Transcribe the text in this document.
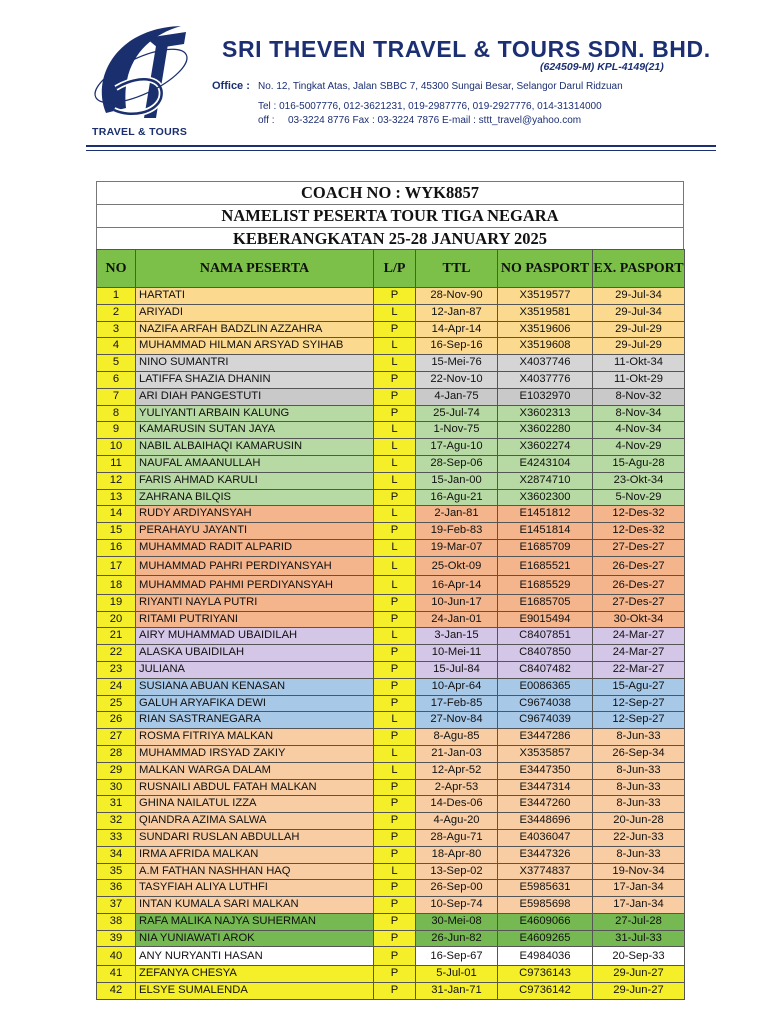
TRAVEL & TOURS
SRI THEVEN TRAVEL & TOURS SDN. BHD.
(624509-M) KPL-4149(21)
Office : No. 12, Tingkat Atas, Jalan SBBC 7, 45300 Sungai Besar, Selangor Darul Ridzuan
Tel : 016-5007776, 012-3621231, 019-2987776, 019-2927776, 014-31314000
off : 03-3224 8776 Fax : 03-3224 7876 E-mail : sttt_travel@yahoo.com
COACH NO : WYK8857
NAMELIST PESERTA TOUR TIGA NEGARA
KEBERANGKATAN 25-28 JANUARY 2025
NO	NAMA PESERTA	L/P	TTL	NO PASPORT	EX. PASPORT
1	HARTATI	P	28-Nov-90	X3519577	29-Jul-34
2	ARIYADI	L	12-Jan-87	X3519581	29-Jul-34
3	NAZIFA ARFAH BADZLIN AZZAHRA	P	14-Apr-14	X3519606	29-Jul-29
4	MUHAMMAD HILMAN ARSYAD SYIHAB	L	16-Sep-16	X3519608	29-Jul-29
5	NINO SUMANTRI	L	15-Mei-76	X4037746	11-Okt-34
6	LATIFFA SHAZIA DHANIN	P	22-Nov-10	X4037776	11-Okt-29
7	ARI DIAH PANGESTUTI	P	4-Jan-75	E1032970	8-Nov-32
8	YULIYANTI ARBAIN KALUNG	P	25-Jul-74	X3602313	8-Nov-34
9	KAMARUSIN SUTAN JAYA	L	1-Nov-75	X3602280	4-Nov-34
10	NABIL ALBAIHAQI KAMARUSIN	L	17-Agu-10	X3602274	4-Nov-29
11	NAUFAL AMAANULLAH	L	28-Sep-06	E4243104	15-Agu-28
12	FARIS AHMAD KARULI	L	15-Jan-00	X2874710	23-Okt-34
13	ZAHRANA BILQIS	P	16-Agu-21	X3602300	5-Nov-29
14	RUDY ARDIYANSYAH	L	2-Jan-81	E1451812	12-Des-32
15	PERAHAYU JAYANTI	P	19-Feb-83	E1451814	12-Des-32
16	MUHAMMAD RADIT ALPARID	L	19-Mar-07	E1685709	27-Des-27
17	MUHAMMAD PAHRI PERDIYANSYAH	L	25-Okt-09	E1685521	26-Des-27
18	MUHAMMAD PAHMI PERDIYANSYAH	L	16-Apr-14	E1685529	26-Des-27
19	RIYANTI NAYLA PUTRI	P	10-Jun-17	E1685705	27-Des-27
20	RITAMI PUTRIYANI	P	24-Jan-01	E9015494	30-Okt-34
21	AIRY MUHAMMAD UBAIDILAH	L	3-Jan-15	C8407851	24-Mar-27
22	ALASKA UBAIDILAH	P	10-Mei-11	C8407850	24-Mar-27
23	JULIANA	P	15-Jul-84	C8407482	22-Mar-27
24	SUSIANA ABUAN KENASAN	P	10-Apr-64	E0086365	15-Agu-27
25	GALUH ARYAFIKA DEWI	P	17-Feb-85	C9674038	12-Sep-27
26	RIAN SASTRANEGARA	L	27-Nov-84	C9674039	12-Sep-27
27	ROSMA FITRIYA MALKAN	P	8-Agu-85	E3447286	8-Jun-33
28	MUHAMMAD IRSYAD ZAKIY	L	21-Jan-03	X3535857	26-Sep-34
29	MALKAN WARGA DALAM	L	12-Apr-52	E3447350	8-Jun-33
30	RUSNAILI ABDUL FATAH MALKAN	P	2-Apr-53	E3447314	8-Jun-33
31	GHINA NAILATUL IZZA	P	14-Des-06	E3447260	8-Jun-33
32	QIANDRA AZIMA SALWA	P	4-Agu-20	E3448696	20-Jun-28
33	SUNDARI RUSLAN ABDULLAH	P	28-Agu-71	E4036047	22-Jun-33
34	IRMA AFRIDA MALKAN	P	18-Apr-80	E3447326	8-Jun-33
35	A.M FATHAN NASHHAN HAQ	L	13-Sep-02	X3774837	19-Nov-34
36	TASYFIAH ALIYA LUTHFI	P	26-Sep-00	E5985631	17-Jan-34
37	INTAN KUMALA SARI MALKAN	P	10-Sep-74	E5985698	17-Jan-34
38	RAFA MALIKA NAJYA SUHERMAN	P	30-Mei-08	E4609066	27-Jul-28
39	NIA YUNIAWATI AROK	P	26-Jun-82	E4609265	31-Jul-33
40	ANY NURYANTI HASAN	P	16-Sep-67	E4984036	20-Sep-33
41	ZEFANYA CHESYA	P	5-Jul-01	C9736143	29-Jun-27
42	ELSYE SUMALENDA	P	31-Jan-71	C9736142	29-Jun-27
